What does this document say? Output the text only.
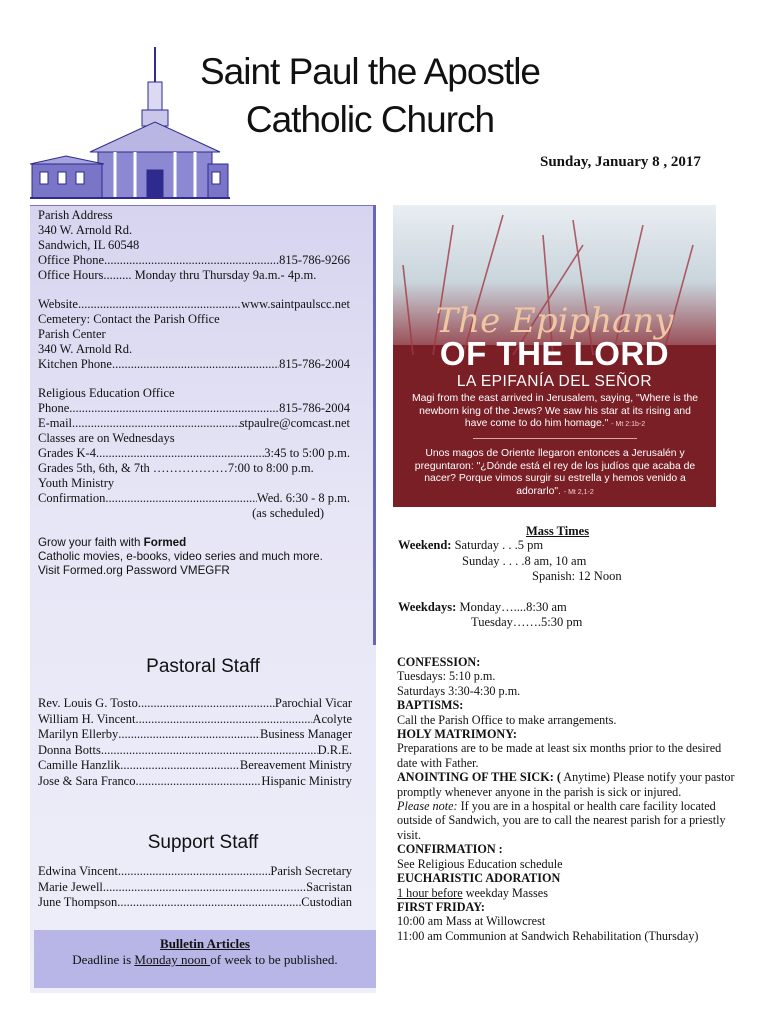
Saint Paul the Apostle
Catholic Church
Sunday, January 8 , 2017
Parish Address
340 W. Arnold Rd.
Sandwich, IL 60548
Office Phone .....	815-786-9266
Office Hours ......... Monday thru Thursday 9a.m.- 4p.m.
Website .....	www.saintpaulscc.net
Cemetery: Contact the Parish Office
Parish Center
340 W. Arnold Rd.
Kitchen Phone .....	815-786-2004
Religious Education Office
Phone .....	815-786-2004
E-mail .....	stpaulre@comcast.net
Classes are on Wednesdays
Grades K-4 .....	3:45 to 5:00 p.m.
Grades 5th, 6th, & 7th ……………… 7:00 to 8:00 p.m.
Youth Ministry
Confirmation .....	Wed. 6:30 - 8 p.m.
(as scheduled)
Grow your faith with Formed
Catholic movies, e-books, video series and much more.
Visit Formed.org Password VMEGFR
Pastoral Staff
Rev. Louis G. Tosto .....	Parochial Vicar
William H. Vincent .....	Acolyte
Marilyn Ellerby .....	Business Manager
Donna Botts .....	D.R.E.
Camille Hanzlik .....	Bereavement Ministry
Jose & Sara Franco. .....	Hispanic Ministry
Support Staff
Edwina Vincent .....	Parish Secretary
Marie Jewell .....	Sacristan
June Thompson .....	Custodian
Bulletin Articles
Deadline is Monday noon of week to be published.
The Epiphany
OF THE LORD
LA EPIFANÍA DEL SEÑOR
Magi from the east arrived in Jerusalem, saying, "Where is the newborn king of the Jews? We saw his star at its rising and have come to do him homage." - Mt 2:1b-2
Unos magos de Oriente llegaron entonces a Jerusalén y preguntaron: "¿Dónde está el rey de los judíos que acaba de nacer? Porque vimos surgir su estrella y hemos venido a adorarlo". - Mt 2,1-2
Mass Times
Weekend: Saturday . . .5 pm
Sunday . . . .8 am, 10 am
Spanish: 12 Noon
Weekdays: Monday…....8:30 am
Tuesday…….5:30 pm
CONFESSION:
Tuesdays: 5:10 p.m.
Saturdays 3:30-4:30 p.m.
BAPTISMS:
Call the Parish Office to make arrangements.
HOLY MATRIMONY:
Preparations are to be made at least six months prior to the desired date with Father.
ANOINTING OF THE SICK: ( Anytime) Please notify your pastor promptly whenever anyone in the parish is sick or injured.
Please note: If you are in a hospital or health care facility located outside of Sandwich, you are to call the nearest parish for a priestly visit.
CONFIRMATION :
See Religious Education schedule
EUCHARISTIC ADORATION
1 hour before weekday Masses
FIRST FRIDAY:
10:00 am Mass at Willowcrest
11:00 am Communion at Sandwich Rehabilitation (Thursday)
